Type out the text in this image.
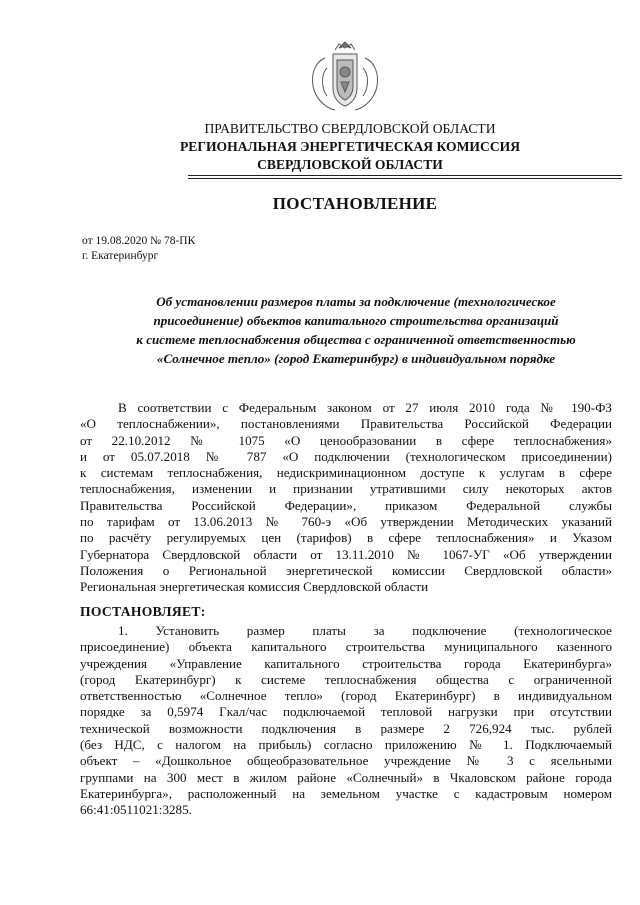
ПРАВИТЕЛЬСТВО СВЕРДЛОВСКОЙ ОБЛАСТИ
РЕГИОНАЛЬНАЯ ЭНЕРГЕТИЧЕСКАЯ КОМИССИЯ
СВЕРДЛОВСКОЙ ОБЛАСТИ
ПОСТАНОВЛЕНИЕ
от 19.08.2020 № 78-ПК
г. Екатеринбург
Об установлении размеров платы за подключение (технологическое
присоединение) объектов капитального строительства организаций
к системе теплоснабжения общества с ограниченной ответственностью
«Солнечное тепло» (город Екатеринбург) в индивидуальном порядке
В соответствии с Федеральным законом от 27 июля 2010 года № 190-ФЗ
«О теплоснабжении», постановлениями Правительства Российской Федерации
от 22.10.2012 № 1075 «О ценообразовании в сфере теплоснабжения»
и от 05.07.2018 № 787 «О подключении (технологическом присоединении)
к системам теплоснабжения, недискриминационном доступе к услугам в сфере
теплоснабжения, изменении и признании утратившими силу некоторых актов
Правительства Российской Федерации», приказом Федеральной службы
по тарифам от 13.06.2013 № 760-э «Об утверждении Методических указаний
по расчёту регулируемых цен (тарифов) в сфере теплоснабжения» и Указом
Губернатора Свердловской области от 13.11.2010 № 1067-УГ «Об утверждении
Положения о Региональной энергетической комиссии Свердловской области»
Региональная энергетическая комиссия Свердловской области
ПОСТАНОВЛЯЕТ:
1. Установить размер платы за подключение (технологическое
присоединение) объекта капитального строительства муниципального казенного
учреждения «Управление капитального строительства города Екатеринбурга»
(город Екатеринбург) к системе теплоснабжения общества с ограниченной
ответственностью «Солнечное тепло» (город Екатеринбург) в индивидуальном
порядке за 0,5974 Гкал/час подключаемой тепловой нагрузки при отсутствии
технической возможности подключения в размере 2 726,924 тыс. рублей
(без НДС, с налогом на прибыль) согласно приложению № 1. Подключаемый
объект – «Дошкольное общеобразовательное учреждение № 3 с ясельными
группами на 300 мест в жилом районе «Солнечный» в Чкаловском районе города
Екатеринбурга», расположенный на земельном участке с кадастровым номером
66:41:0511021:3285.
